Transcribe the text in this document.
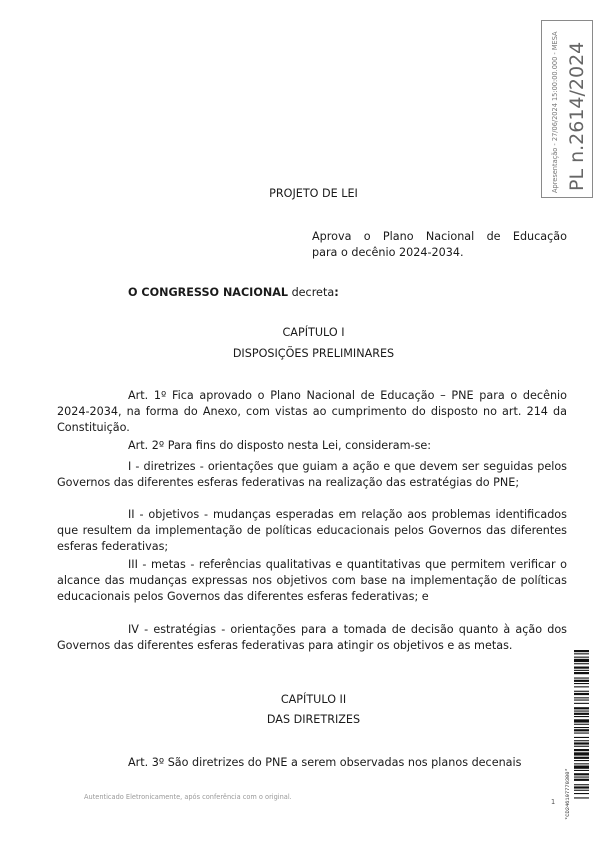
Apresentação - 27/06/2024 15:00:00.000 - MESA PL n.2614/2024
PROJETO DE LEI
Aprova o Plano Nacional de Educação
para o decênio 2024-2034.
O CONGRESSO NACIONAL decreta:
CAPÍTULO I
DISPOSIÇÕES PRELIMINARES
Art. 1º Fica aprovado o Plano Nacional de Educação – PNE para o decênio 2024-2034, na forma do Anexo, com vistas ao cumprimento do disposto no art. 214 da Constituição.
Art. 2º Para fins do disposto nesta Lei, consideram-se:
I - diretrizes - orientações que guiam a ação e que devem ser seguidas pelos Governos das diferentes esferas federativas na realização das estratégias do PNE;
II - objetivos - mudanças esperadas em relação aos problemas identificados que resultem da implementação de políticas educacionais pelos Governos das diferentes esferas federativas;
III - metas - referências qualitativas e quantitativas que permitem verificar o alcance das mudanças expressas nos objetivos com base na implementação de políticas educacionais pelos Governos das diferentes esferas federativas; e
IV - estratégias - orientações para a tomada de decisão quanto à ação dos Governos das diferentes esferas federativas para atingir os objetivos e as metas.
CAPÍTULO II
DAS DIRETRIZES
Art. 3º São diretrizes do PNE a serem observadas nos planos decenais
*CD246197770300*
Autenticado Eletronicamente, após conferência com o original.
1
